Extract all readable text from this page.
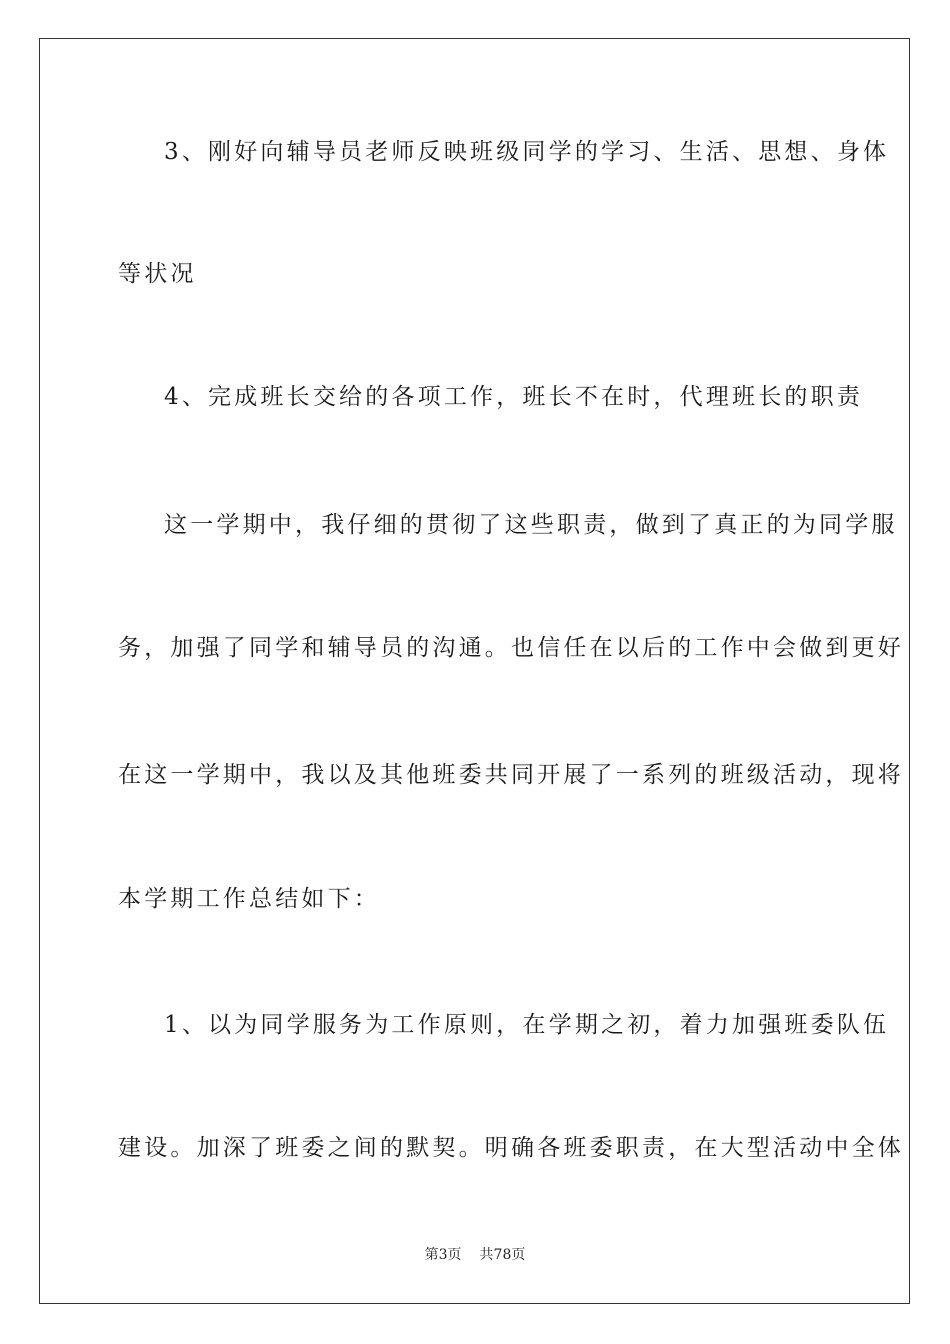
3、刚好向辅导员老师反映班级同学的学习、生活、思想、身体
等状况
4、完成班长交给的各项工作，班长不在时，代理班长的职责
这一学期中，我仔细的贯彻了这些职责，做到了真正的为同学服
务，加强了同学和辅导员的沟通。也信任在以后的工作中会做到更好
在这一学期中，我以及其他班委共同开展了一系列的班级活动，现将
本学期工作总结如下：
1、以为同学服务为工作原则，在学期之初，着力加强班委队伍
建设。加深了班委之间的默契。明确各班委职责，在大型活动中全体
第3页 共78页
